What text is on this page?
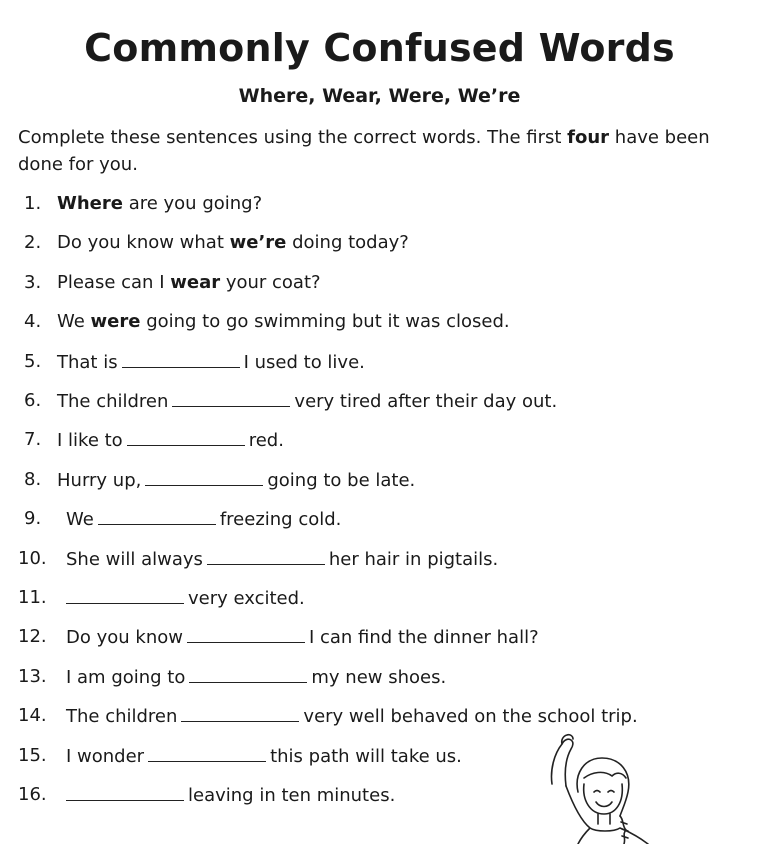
Commonly Confused Words
Where, Wear, Were, We’re
Complete these sentences using the correct words. The first four have been done for you.
1. Where are you going?
2. Do you know what we’re doing today?
3. Please can I wear your coat?
4. We were going to go swimming but it was closed.
5. That is	I used to live.
6. The children	very tired after their day out.
7. I like to	red.
8. Hurry up,	going to be late.
9. We	freezing cold.
10. She will always	her hair in pigtails.
11.	very excited.
12. Do you know	I can find the dinner hall?
13. I am going to	my new shoes.
14. The children	very well behaved on the school trip.
15. I wonder	this path will take us.
16.	leaving in ten minutes.
